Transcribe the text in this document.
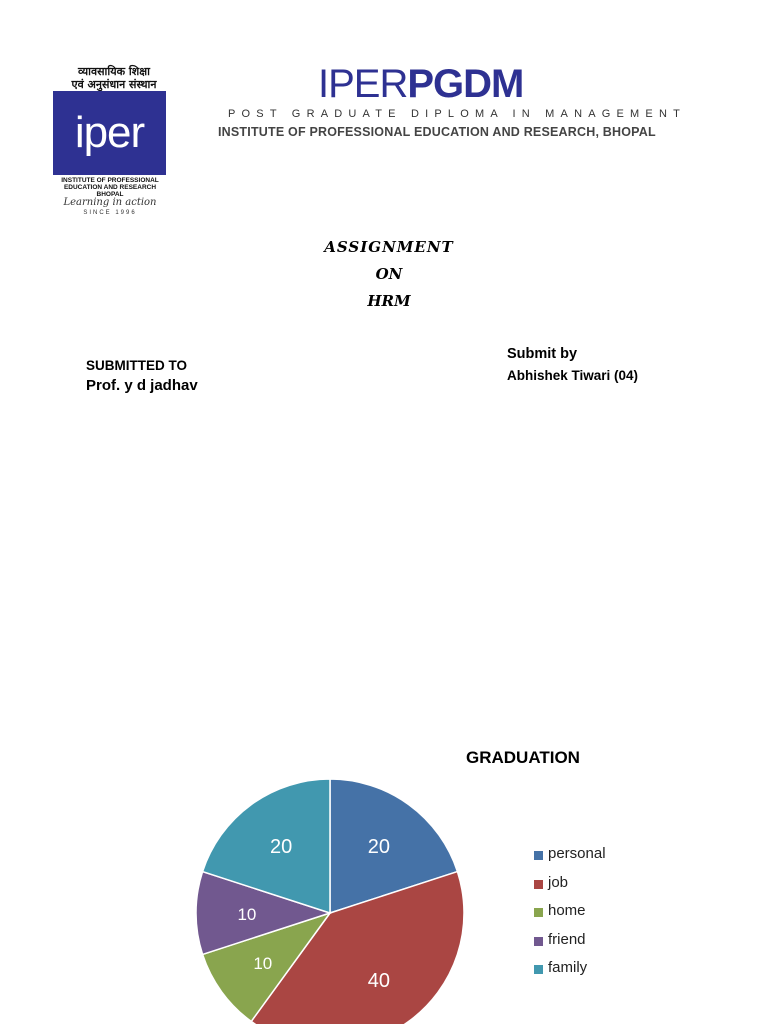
व्यावसायिक शिक्षा
एवं अनुसंधान संस्थान
iper
INSTITUTE OF PROFESSIONAL
EDUCATION AND RESEARCH
BHOPAL
Learning in action
SINCE 1996
IPERPGDM
POST GRADUATE DIPLOMA IN MANAGEMENT
INSTITUTE OF PROFESSIONAL EDUCATION AND RESEARCH, BHOPAL
ASSIGNMENT
ON
HRM
SUBMITTED TO
Prof. y d jadhav
Submit by
Abhishek Tiwari (04)
GRADUATION
20
40
10
10
20	personal
job
home
friend
family
